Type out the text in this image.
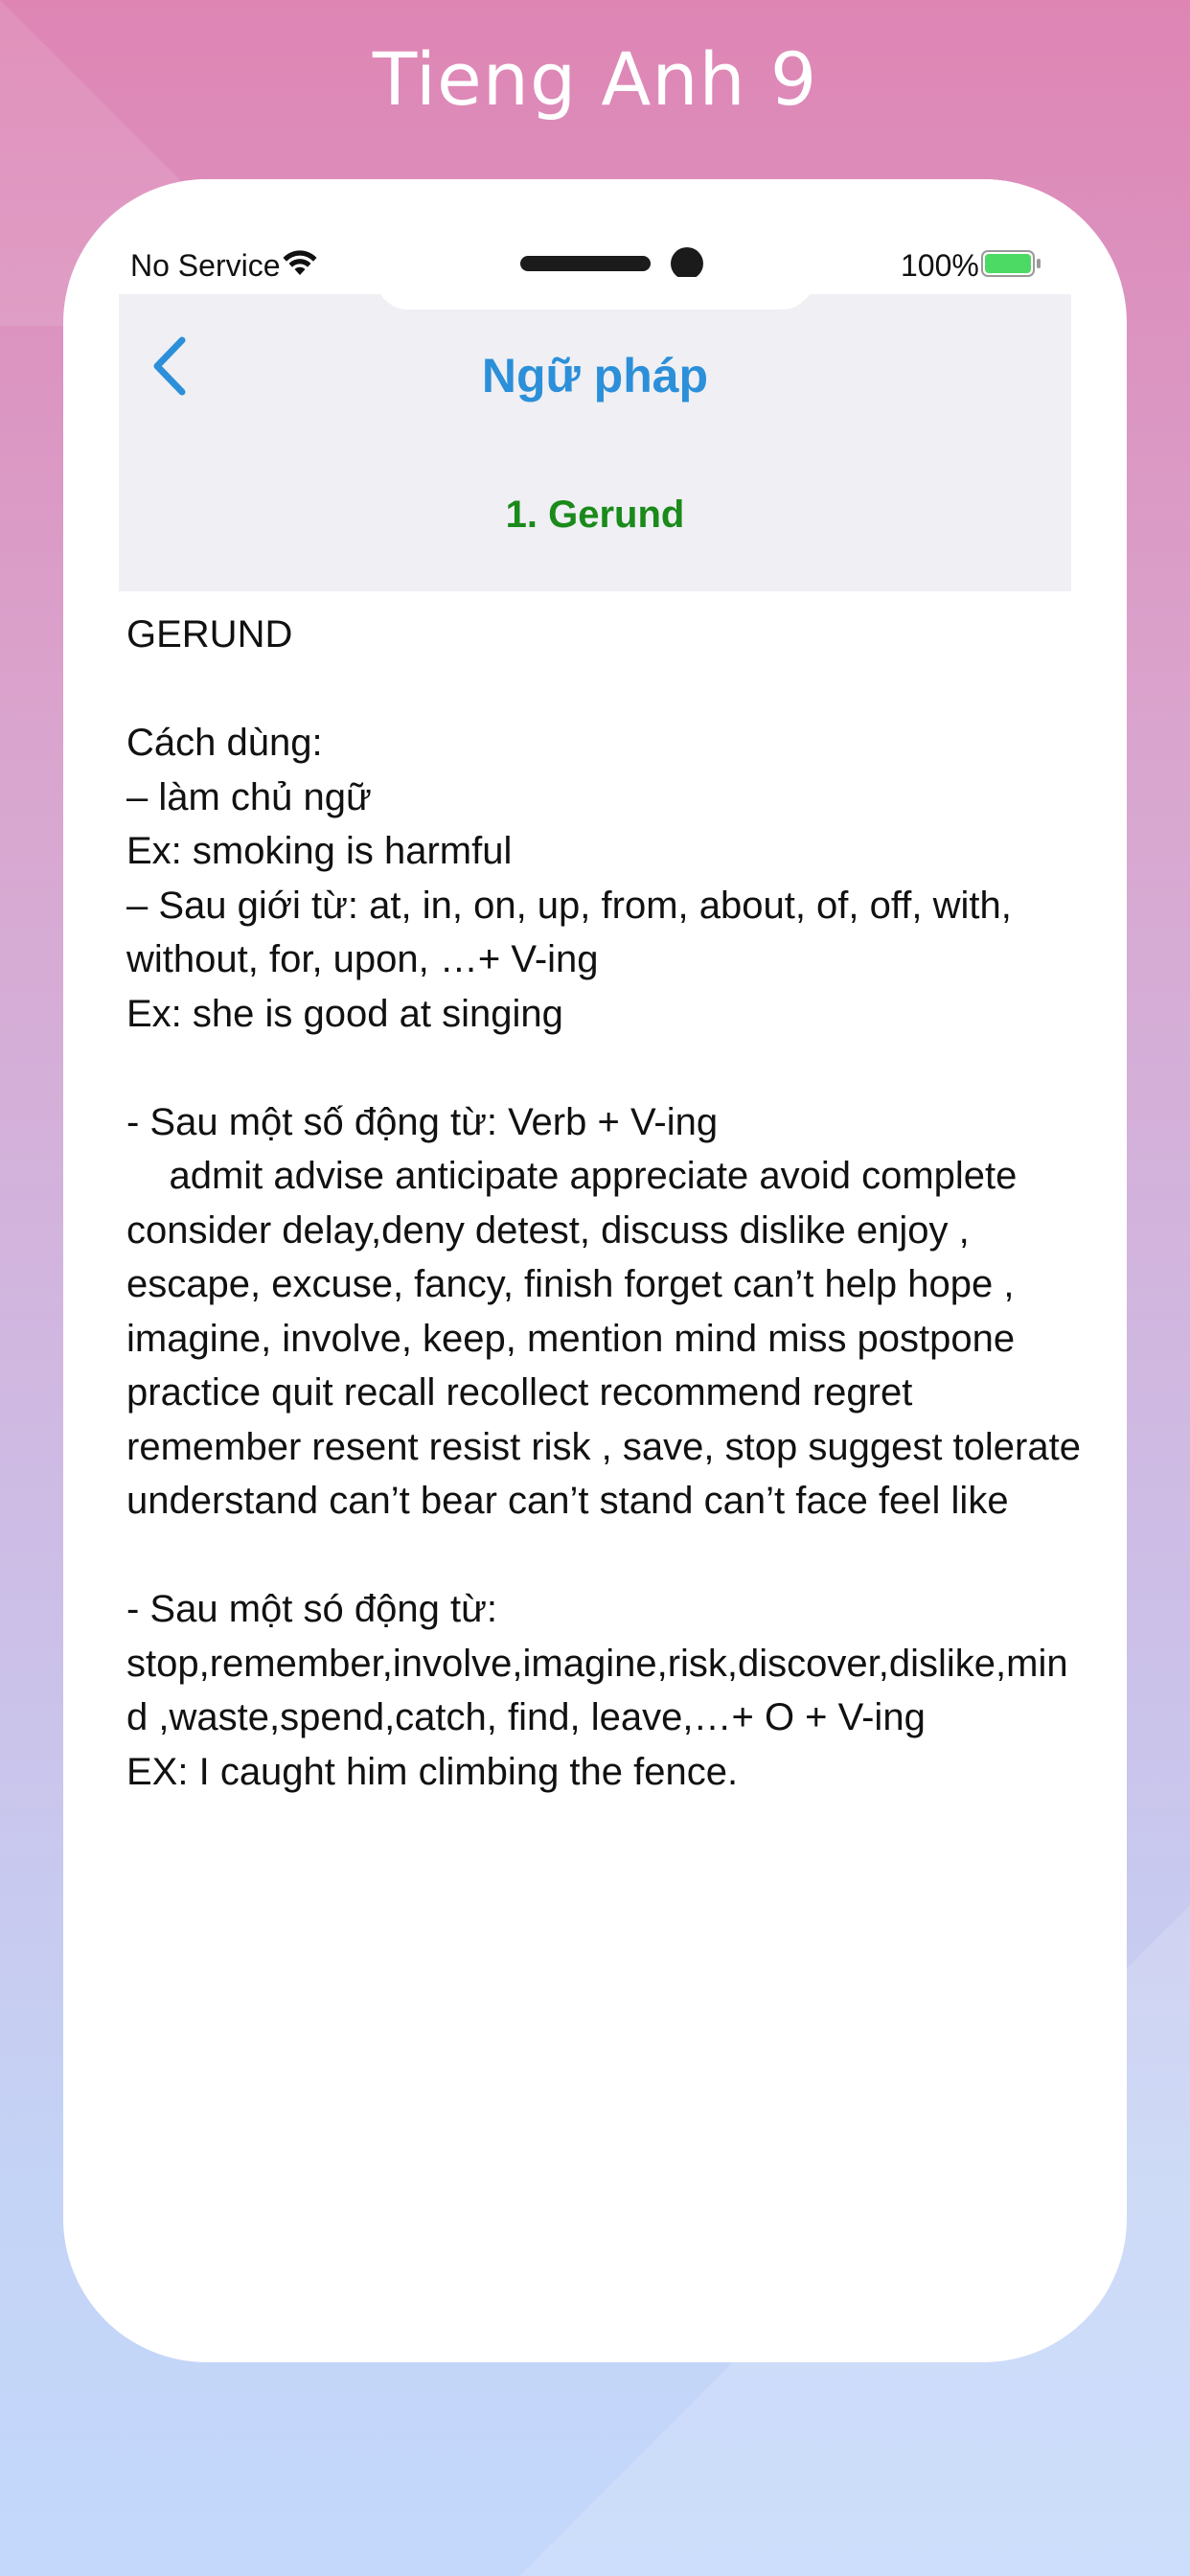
Tieng Anh 9
No Service	100%
Ngữ pháp
1. Gerund

GERUND

Cách dùng:

– làm chủ ngữ

Ex: smoking is harmful

– Sau giới từ: at, in, on, up, from, about, of, off, with, without, for, upon, …+ V-ing

Ex: she is good at singing

- Sau một số động từ: Verb + V-ing

admit advise anticipate appreciate avoid complete consider delay,deny detest, discuss dislike enjoy , escape, excuse, fancy, finish forget can’t help hope , imagine, involve, keep, mention mind miss postpone practice quit recall recollect recommend regret remember resent resist risk , save, stop suggest tolerate understand can’t bear can’t stand can’t face feel like

- Sau một só động từ: stop,remember,involve,imagine,risk,discover,dislike,mind ,waste,spend,catch, find, leave,…+ O + V-ing

EX: I caught him climbing the fence.
